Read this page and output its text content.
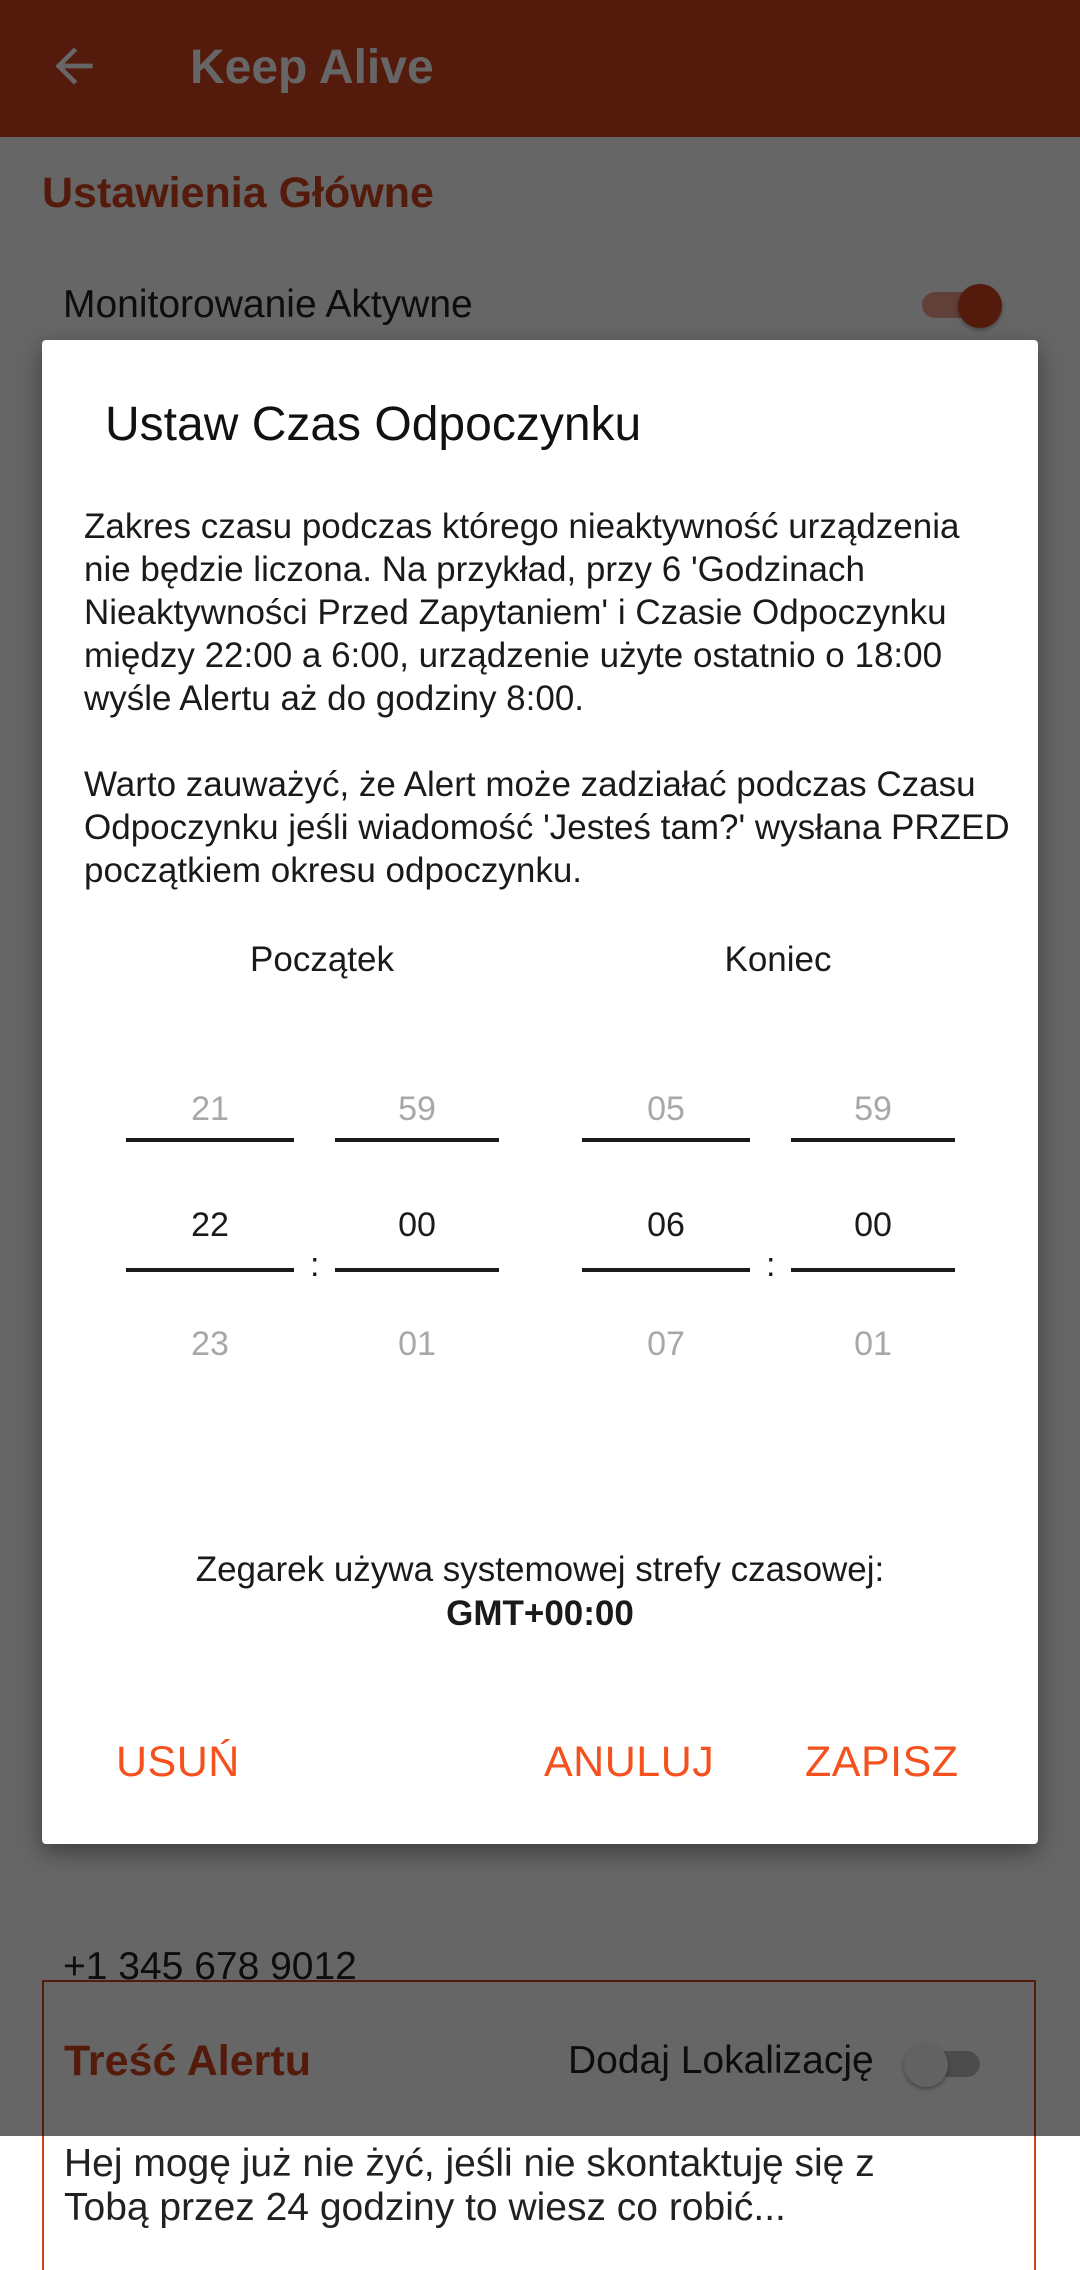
Hej mogę już nie żyć, jeśli nie skontaktuję się z Tobą przez 24 godziny to wiesz co robić...
Ustaw Czas Odpoczynku
Zakres czasu podczas którego nieaktywność urządzenia nie będzie liczona. Na przykład, przy 6 'Godzinach Nieaktywności Przed Zapytaniem' i Czasie Odpoczynku między 22:00 a 6:00, urządzenie użyte ostatnio o 18:00 wyśle Alertu aż do godziny 8:00.

Warto zauważyć, że Alert może zadziałać podczas Czasu Odpoczynku jeśli wiadomość 'Jesteś tam?' wysłana PRZED początkiem okresu odpoczynku.
Początek	Koniec
21
22
23
:
59
00
01
05
06
07
:
59
00
01
Zegarek używa systemowej strefy czasowej:
GMT+00:00
USUŃ	ANULUJ ZAPISZ
